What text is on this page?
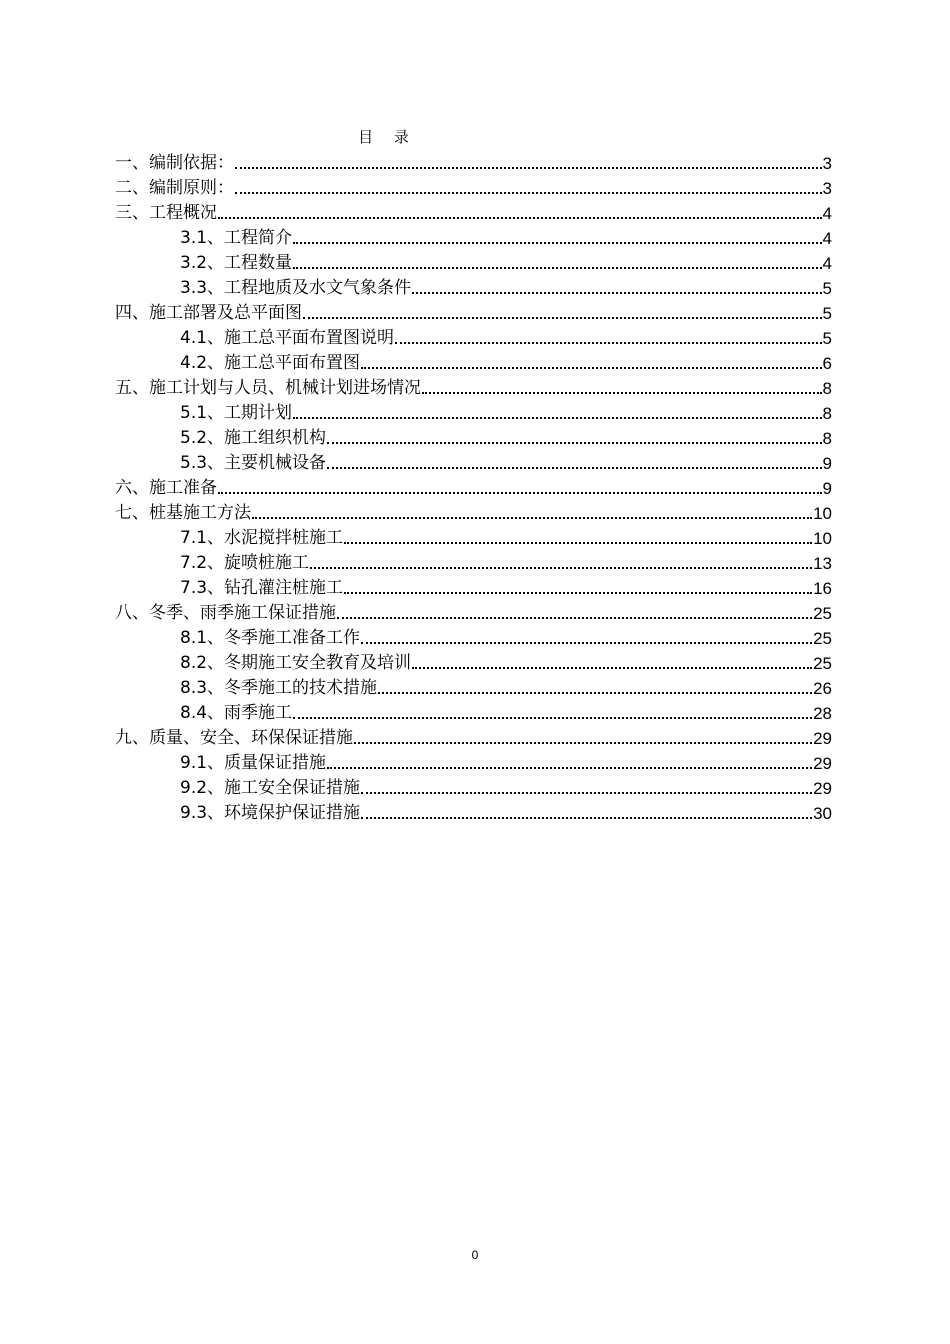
目 录
一、编制依据：	3
二、编制原则：	3
三、工程概况	4
3.1、工程简介	4
3.2、工程数量	4
3.3、工程地质及水文气象条件	5
四、施工部署及总平面图	5
4.1、施工总平面布置图说明	5
4.2、施工总平面布置图	6
五、施工计划与人员、机械计划进场情况	8
5.1、工期计划	8
5.2、施工组织机构	8
5.3、主要机械设备	9
六、施工准备	9
七、桩基施工方法	10
7.1、水泥搅拌桩施工	10
7.2、旋喷桩施工	13
7.3、钻孔灌注桩施工	16
八、冬季、雨季施工保证措施	25
8.1、冬季施工准备工作	25
8.2、冬期施工安全教育及培训	25
8.3、冬季施工的技术措施	26
8.4、雨季施工	28
九、质量、安全、环保保证措施	29
9.1、质量保证措施	29
9.2、施工安全保证措施	29
9.3、环境保护保证措施	30
0
